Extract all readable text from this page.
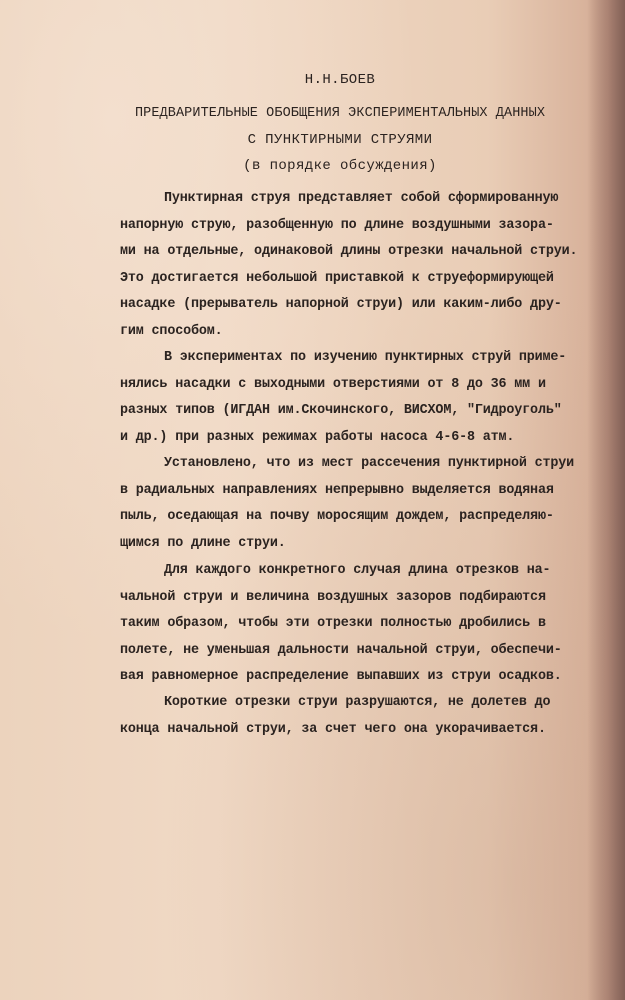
Н.Н.БОЕВ
ПРЕДВАРИТЕЛЬНЫЕ ОБОБЩЕНИЯ ЭКСПЕРИМЕНТАЛЬНЫХ ДАННЫХ
С ПУНКТИРНЫМИ СТРУЯМИ
(в порядке обсуждения)
Пунктирная струя представляет собой сформированную
напорную струю, разобщенную по длине воздушными зазора-
ми на отдельные, одинаковой длины отрезки начальной струи.
Это достигается небольшой приставкой к струеформирующей
насадке (прерыватель напорной струи) или каким-либо дру-
гим способом.
В экспериментах по изучению пунктирных струй приме-
нялись насадки с выходными отверстиями от 8 до 36 мм и
разных типов (ИГДАН им.Скочинского, ВИСХОМ, "Гидроуголь"
и др.) при разных режимах работы насоса 4-6-8 атм.
Установлено, что из мест рассечения пунктирной струи
в радиальных направлениях непрерывно выделяется водяная
пыль, оседающая на почву моросящим дождем, распределяю-
щимся по длине струи.
Для каждого конкретного случая длина отрезков на-
чальной струи и величина воздушных зазоров подбираются
таким образом, чтобы эти отрезки полностью дробились в
полете, не уменьшая дальности начальной струи, обеспечи-
вая равномерное распределение выпавших из струи осадков.
Короткие отрезки струи разрушаются, не долетев до
конца начальной струи, за счет чего она укорачивается.
